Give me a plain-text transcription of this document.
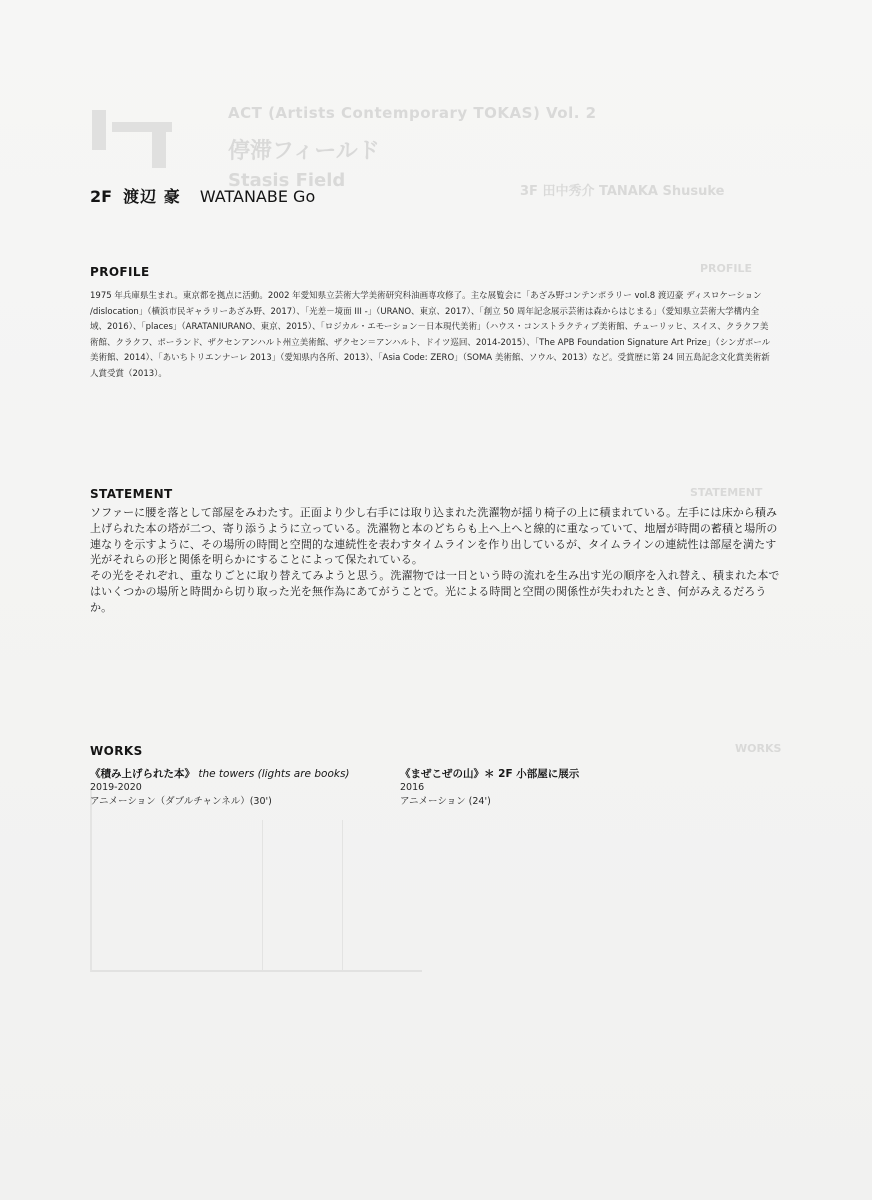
ACT (Artists Contemporary TOKAS) Vol. 2
停滞フィールド
Stasis Field
3F 田中秀介 TANAKA Shusuke
PROFILE
STATEMENT
WORKS
2F 渡辺 豪 WATANABE Go
PROFILE

1975 年兵庫県生まれ。東京都を拠点に活動。2002 年愛知県立芸術大学美術研究科油画専攻修了。主な展覧会に「あざみ野コンテンポラリー vol.8 渡辺豪 ディスロケーション /dislocation」（横浜市民ギャラリーあざみ野、2017）、「光差－境面 III -」（URANO、東京、2017）、「創立 50 周年記念展示芸術は森からはじまる」（愛知県立芸術大学構内全域、2016）、「places」（ARATANIURANO、東京、2015）、「ロジカル・エモーション－日本現代美術」（ハウス・コンストラクティブ美術館、チューリッヒ、スイス、クラクフ美術館、クラクフ、ポーランド、ザクセンアンハルト州立美術館、ザクセン＝アンハルト、ドイツ巡回、2014-2015）、「The APB Foundation Signature Art Prize」（シンガポール美術館、2014）、「あいちトリエンナーレ 2013」（愛知県内各所、2013）、「Asia Code: ZERO」（SOMA 美術館、ソウル、2013）など。受賞歴に第 24 回五島記念文化賞美術新人賞受賞（2013）。

STATEMENT

ソファーに腰を落として部屋をみわたす。正面より少し右手には取り込まれた洗濯物が揺り椅子の上に積まれている。左手には床から積み上げられた本の塔が二つ、寄り添うように立っている。洗濯物と本のどちらも上へ上へと線的に重なっていて、地層が時間の蓄積と場所の連なりを示すように、その場所の時間と空間的な連続性を表わすタイムラインを作り出しているが、タイムラインの連続性は部屋を満たす光がそれらの形と関係を明らかにすることによって保たれている。
その光をそれぞれ、重なりごとに取り替えてみようと思う。洗濯物では一日という時の流れを生み出す光の順序を入れ替え、積まれた本ではいくつかの場所と時間から切り取った光を無作為にあてがうことで。光による時間と空間の関係性が失われたとき、何がみえるだろうか。

WORKS
《積み上げられた本》 the towers (lights are books)
2019-2020
アニメーション（ダブルチャンネル）(30')
《まぜこぜの山》＊ 2F 小部屋に展示
2016
アニメーション (24')
